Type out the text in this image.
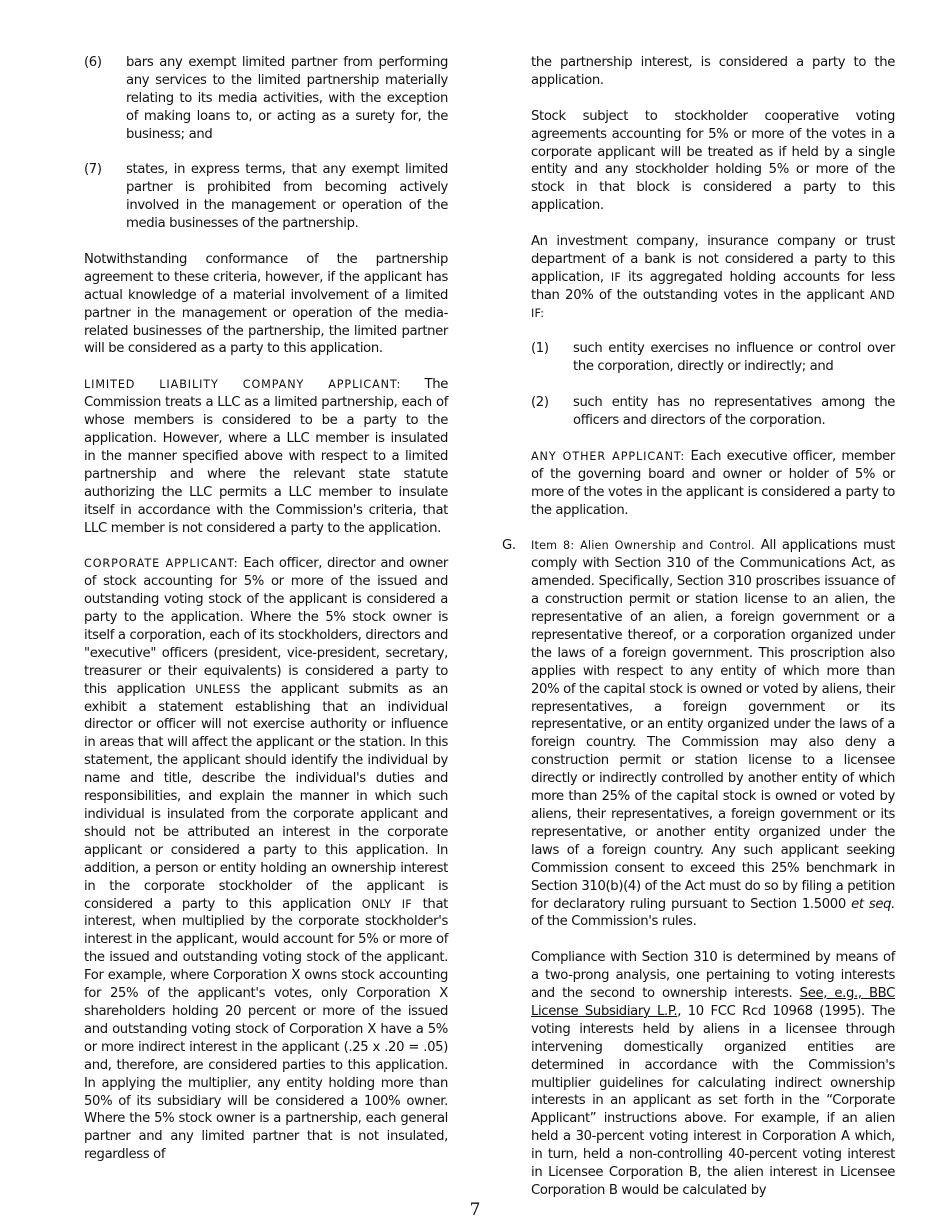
(6) bars any exempt limited partner from performing any services to the limited partnership materially relating to its media activities, with the exception of making loans to, or acting as a surety for, the business; and
(7) states, in express terms, that any exempt limited partner is prohibited from becoming actively involved in the management or operation of the media businesses of the partnership.

Notwithstanding conformance of the partnership agreement to these criteria, however, if the applicant has actual knowledge of a material involvement of a limited partner in the management or operation of the media-related businesses of the partnership, the limited partner will be considered as a party to this application.

LIMITED LIABILITY COMPANY APPLICANT: The Commission treats a LLC as a limited partnership, each of whose members is considered to be a party to the application. However, where a LLC member is insulated in the manner specified above with respect to a limited partnership and where the relevant state statute authorizing the LLC permits a LLC member to insulate itself in accordance with the Commission's criteria, that LLC member is not considered a party to the application.

CORPORATE APPLICANT: Each officer, director and owner of stock accounting for 5% or more of the issued and outstanding voting stock of the applicant is considered a party to the application. Where the 5% stock owner is itself a corporation, each of its stockholders, directors and "executive" officers (president, vice-president, secretary, treasurer or their equivalents) is considered a party to this application UNLESS the applicant submits as an exhibit a statement establishing that an individual director or officer will not exercise authority or influence in areas that will affect the applicant or the station. In this statement, the applicant should identify the individual by name and title, describe the individual's duties and responsibilities, and explain the manner in which such individual is insulated from the corporate applicant and should not be attributed an interest in the corporate applicant or considered a party to this application. In addition, a person or entity holding an ownership interest in the corporate stockholder of the applicant is considered a party to this application ONLY IF that interest, when multiplied by the corporate stockholder's interest in the applicant, would account for 5% or more of the issued and outstanding voting stock of the applicant. For example, where Corporation X owns stock accounting for 25% of the applicant's votes, only Corporation X shareholders holding 20 percent or more of the issued and outstanding voting stock of Corporation X have a 5% or more indirect interest in the applicant (.25 x .20 = .05) and, therefore, are considered parties to this application. In applying the multiplier, any entity holding more than 50% of its subsidiary will be considered a 100% owner. Where the 5% stock owner is a partnership, each general partner and any limited partner that is not insulated, regardless of

the partnership interest, is considered a party to the application.

Stock subject to stockholder cooperative voting agreements accounting for 5% or more of the votes in a corporate applicant will be treated as if held by a single entity and any stockholder holding 5% or more of the stock in that block is considered a party to this application.

An investment company, insurance company or trust department of a bank is not considered a party to this application, IF its aggregated holding accounts for less than 20% of the outstanding votes in the applicant AND IF:

(1) such entity exercises no influence or control over the corporation, directly or indirectly; and
(2) such entity has no representatives among the officers and directors of the corporation.

ANY OTHER APPLICANT: Each executive officer, member of the governing board and owner or holder of 5% or more of the votes in the applicant is considered a party to the application.

G. Item 8: Alien Ownership and Control. All applications must comply with Section 310 of the Communications Act, as amended. Specifically, Section 310 proscribes issuance of a construction permit or station license to an alien, the representative of an alien, a foreign government or a representative thereof, or a corporation organized under the laws of a foreign government. This proscription also applies with respect to any entity of which more than 20% of the capital stock is owned or voted by aliens, their representatives, a foreign government or its representative, or an entity organized under the laws of a foreign country. The Commission may also deny a construction permit or station license to a licensee directly or indirectly controlled by another entity of which more than 25% of the capital stock is owned or voted by aliens, their representatives, a foreign government or its representative, or another entity organized under the laws of a foreign country. Any such applicant seeking Commission consent to exceed this 25% benchmark in Section 310(b)(4) of the Act must do so by filing a petition for declaratory ruling pursuant to Section 1.5000 et seq. of the Commission's rules.

Compliance with Section 310 is determined by means of a two-prong analysis, one pertaining to voting interests and the second to ownership interests. See, e.g., BBC License Subsidiary L.P., 10 FCC Rcd 10968 (1995). The voting interests held by aliens in a licensee through intervening domestically organized entities are determined in accordance with the Commission's multiplier guidelines for calculating indirect ownership interests in an applicant as set forth in the “Corporate Applicant” instructions above. For example, if an alien held a 30-percent voting interest in Corporation A which, in turn, held a non-controlling 40-percent voting interest in Licensee Corporation B, the alien interest in Licensee Corporation B would be calculated by

7
